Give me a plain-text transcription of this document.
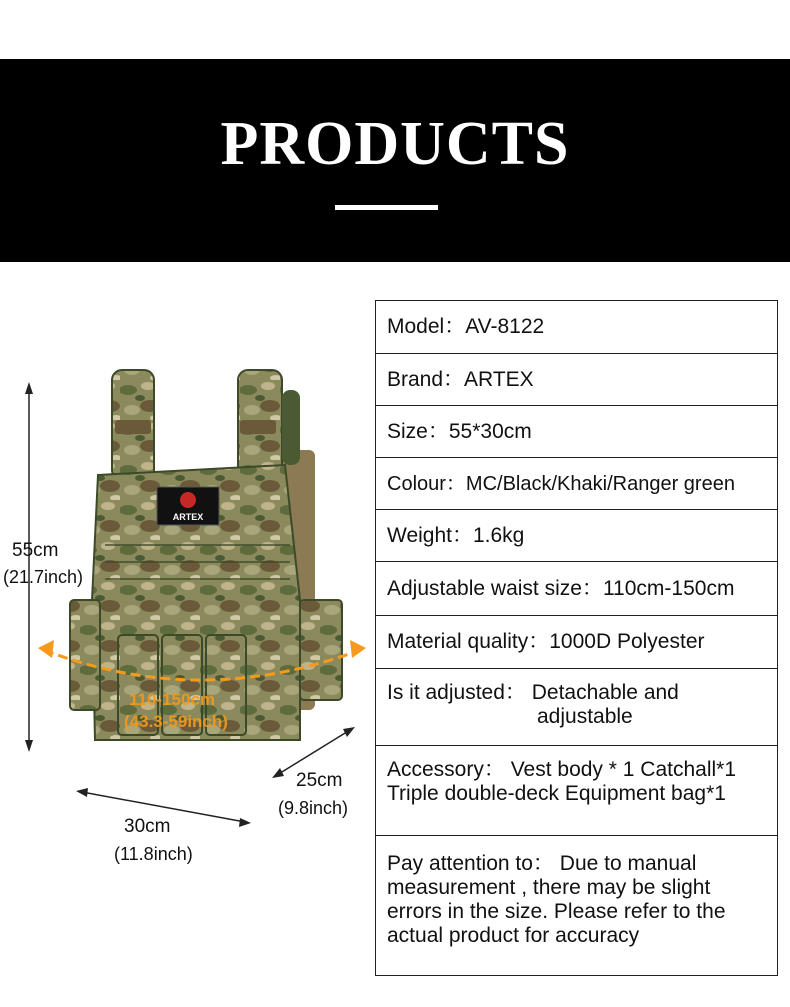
PRODUCTS
ARTEX
55cm
(21.7inch)
110-150cm
(43.3-59inch)
25cm
(9.8inch)
30cm
(11.8inch)
Model： AV-8122
Brand： ARTEX
Size： 55*30cm
Colour： MC/Black/Khaki/Ranger green
Weight： 1.6kg
Adjustable waist size： 110cm-150cm
Material quality： 1000D Polyester
Is it adjusted： Detachable and
adjustable
Accessory： Vest body * 1 Catchall*1
Triple double-deck Equipment bag*1
Pay attention to： Due to manual measurement , there may be slight errors in the size. Please refer to the actual product for accuracy
